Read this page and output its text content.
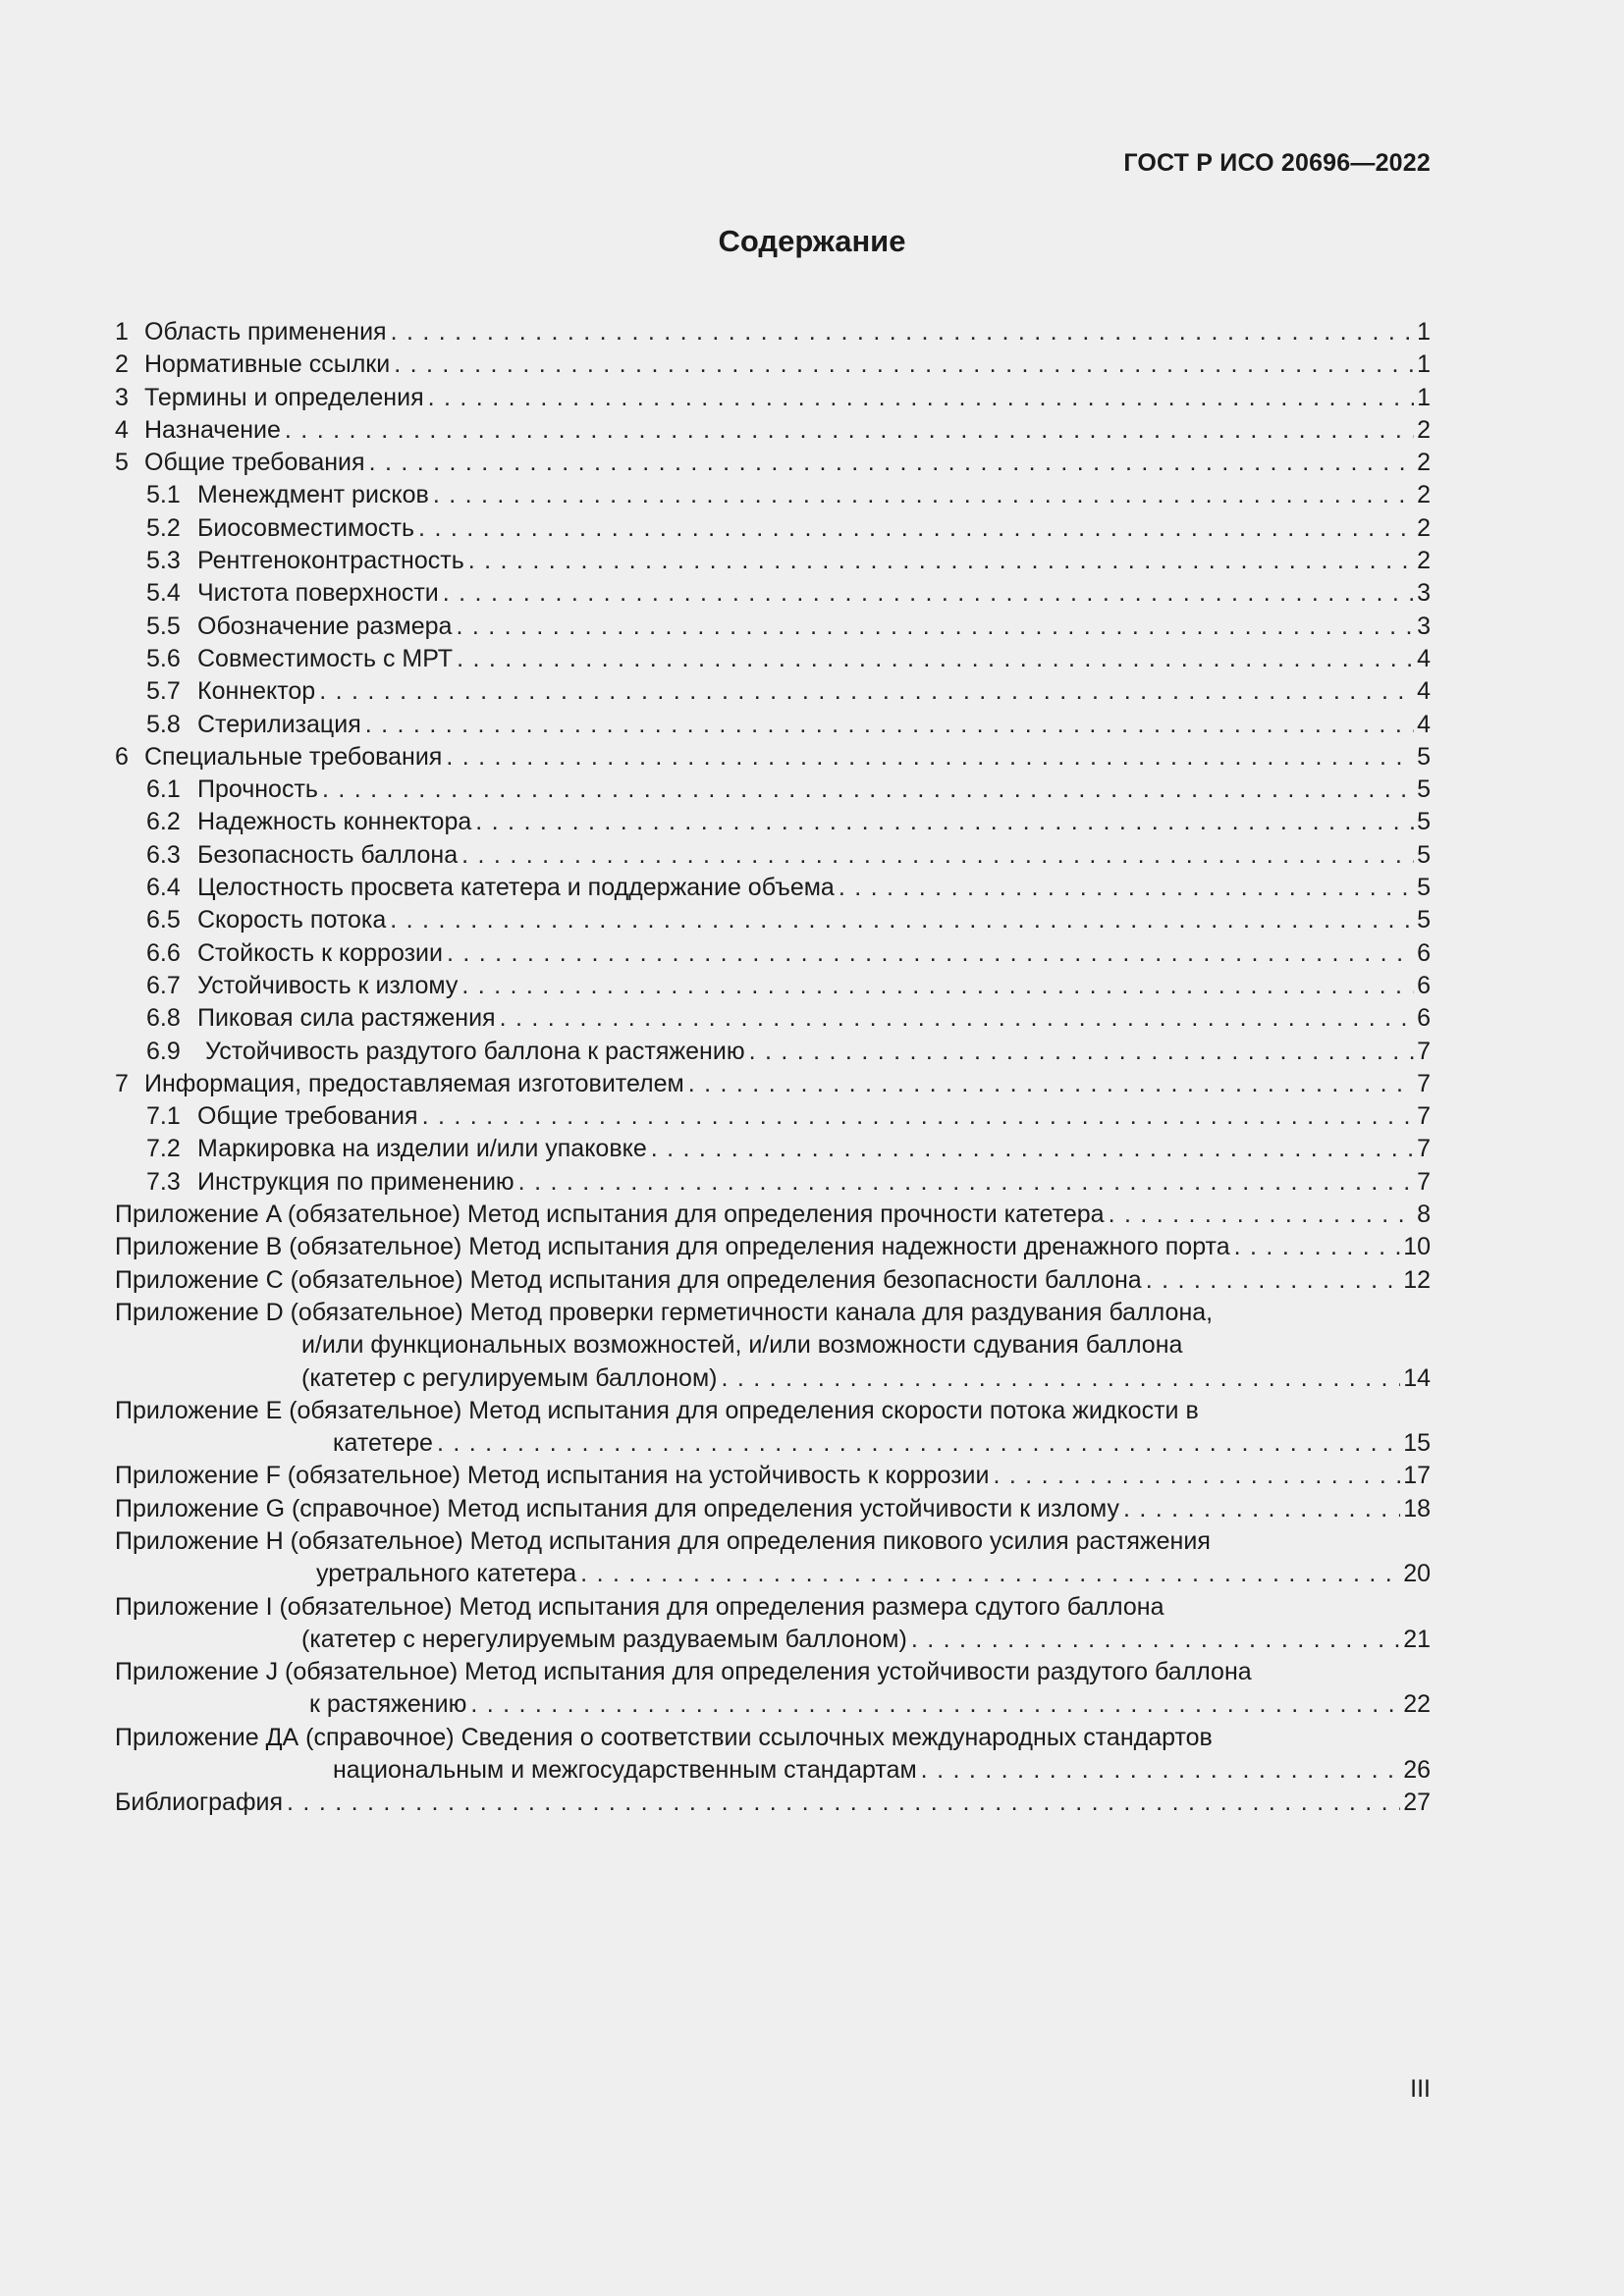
ГОСТ Р ИСО 20696—2022
Содержание
1 Область применения . . .	1
2 Нормативные ссылки . . .	1
3 Термины и определения . . .	1
4 Назначение . . .	2
5 Общие требования . . .	2
5.1 Менеждмент рисков . . .	2
5.2 Биосовместимость . . .	2
5.3 Рентгеноконтрастность . . .	2
5.4 Чистота поверхности . . .	3
5.5 Обозначение размера . . .	3
5.6 Совместимость с МРТ . . .	4
5.7 Коннектор . . .	4
5.8 Стерилизация . . .	4
6 Специальные требования . . .	5
6.1 Прочность . . .	5
6.2 Надежность коннектора . . .	5
6.3 Безопасность баллона . . .	5
6.4 Целостность просвета катетера и поддержание объема . . .	5
6.5 Скорость потока . . .	5
6.6 Стойкость к коррозии . . .	6
6.7 Устойчивость к излому . . .	6
6.8 Пиковая сила растяжения . . .	6
6.9	Устойчивость раздутого баллона к растяжению . . .	7
7 Информация, предоставляемая изготовителем . . .	7
7.1 Общие требования . . .	7
7.2 Маркировка на изделии и/или упаковке . . .	7
7.3 Инструкция по применению . . .	7
Приложение A (обязательное) Метод испытания для определения прочности катетера . . .	8
Приложение B (обязательное) Метод испытания для определения надежности дренажного порта . . .	10
Приложение C (обязательное) Метод испытания для определения безопасности баллона . . .	12
Приложение D (обязательное) Метод проверки герметичности канала для раздувания баллона,
и/или функциональных возможностей, и/или возможности сдувания баллона
(катетер с регулируемым баллоном) . . .	14
Приложение E (обязательное) Метод испытания для определения скорости потока жидкости в
катетере . . .	15
Приложение F (обязательное) Метод испытания на устойчивость к коррозии . . .	17
Приложение G (справочное) Метод испытания для определения устойчивости к излому . . .	18
Приложение H (обязательное) Метод испытания для определения пикового усилия растяжения
уретрального катетера . . .	20
Приложение I (обязательное) Метод испытания для определения размера сдутого баллона
(катетер с нерегулируемым раздуваемым баллоном) . . .	21
Приложение J (обязательное) Метод испытания для определения устойчивости раздутого баллона
к растяжению . . .	22
Приложение ДА (справочное) Сведения о соответствии ссылочных международных стандартов
национальным и межгосударственным стандартам . . .	26
Библиография . . .	27
III
